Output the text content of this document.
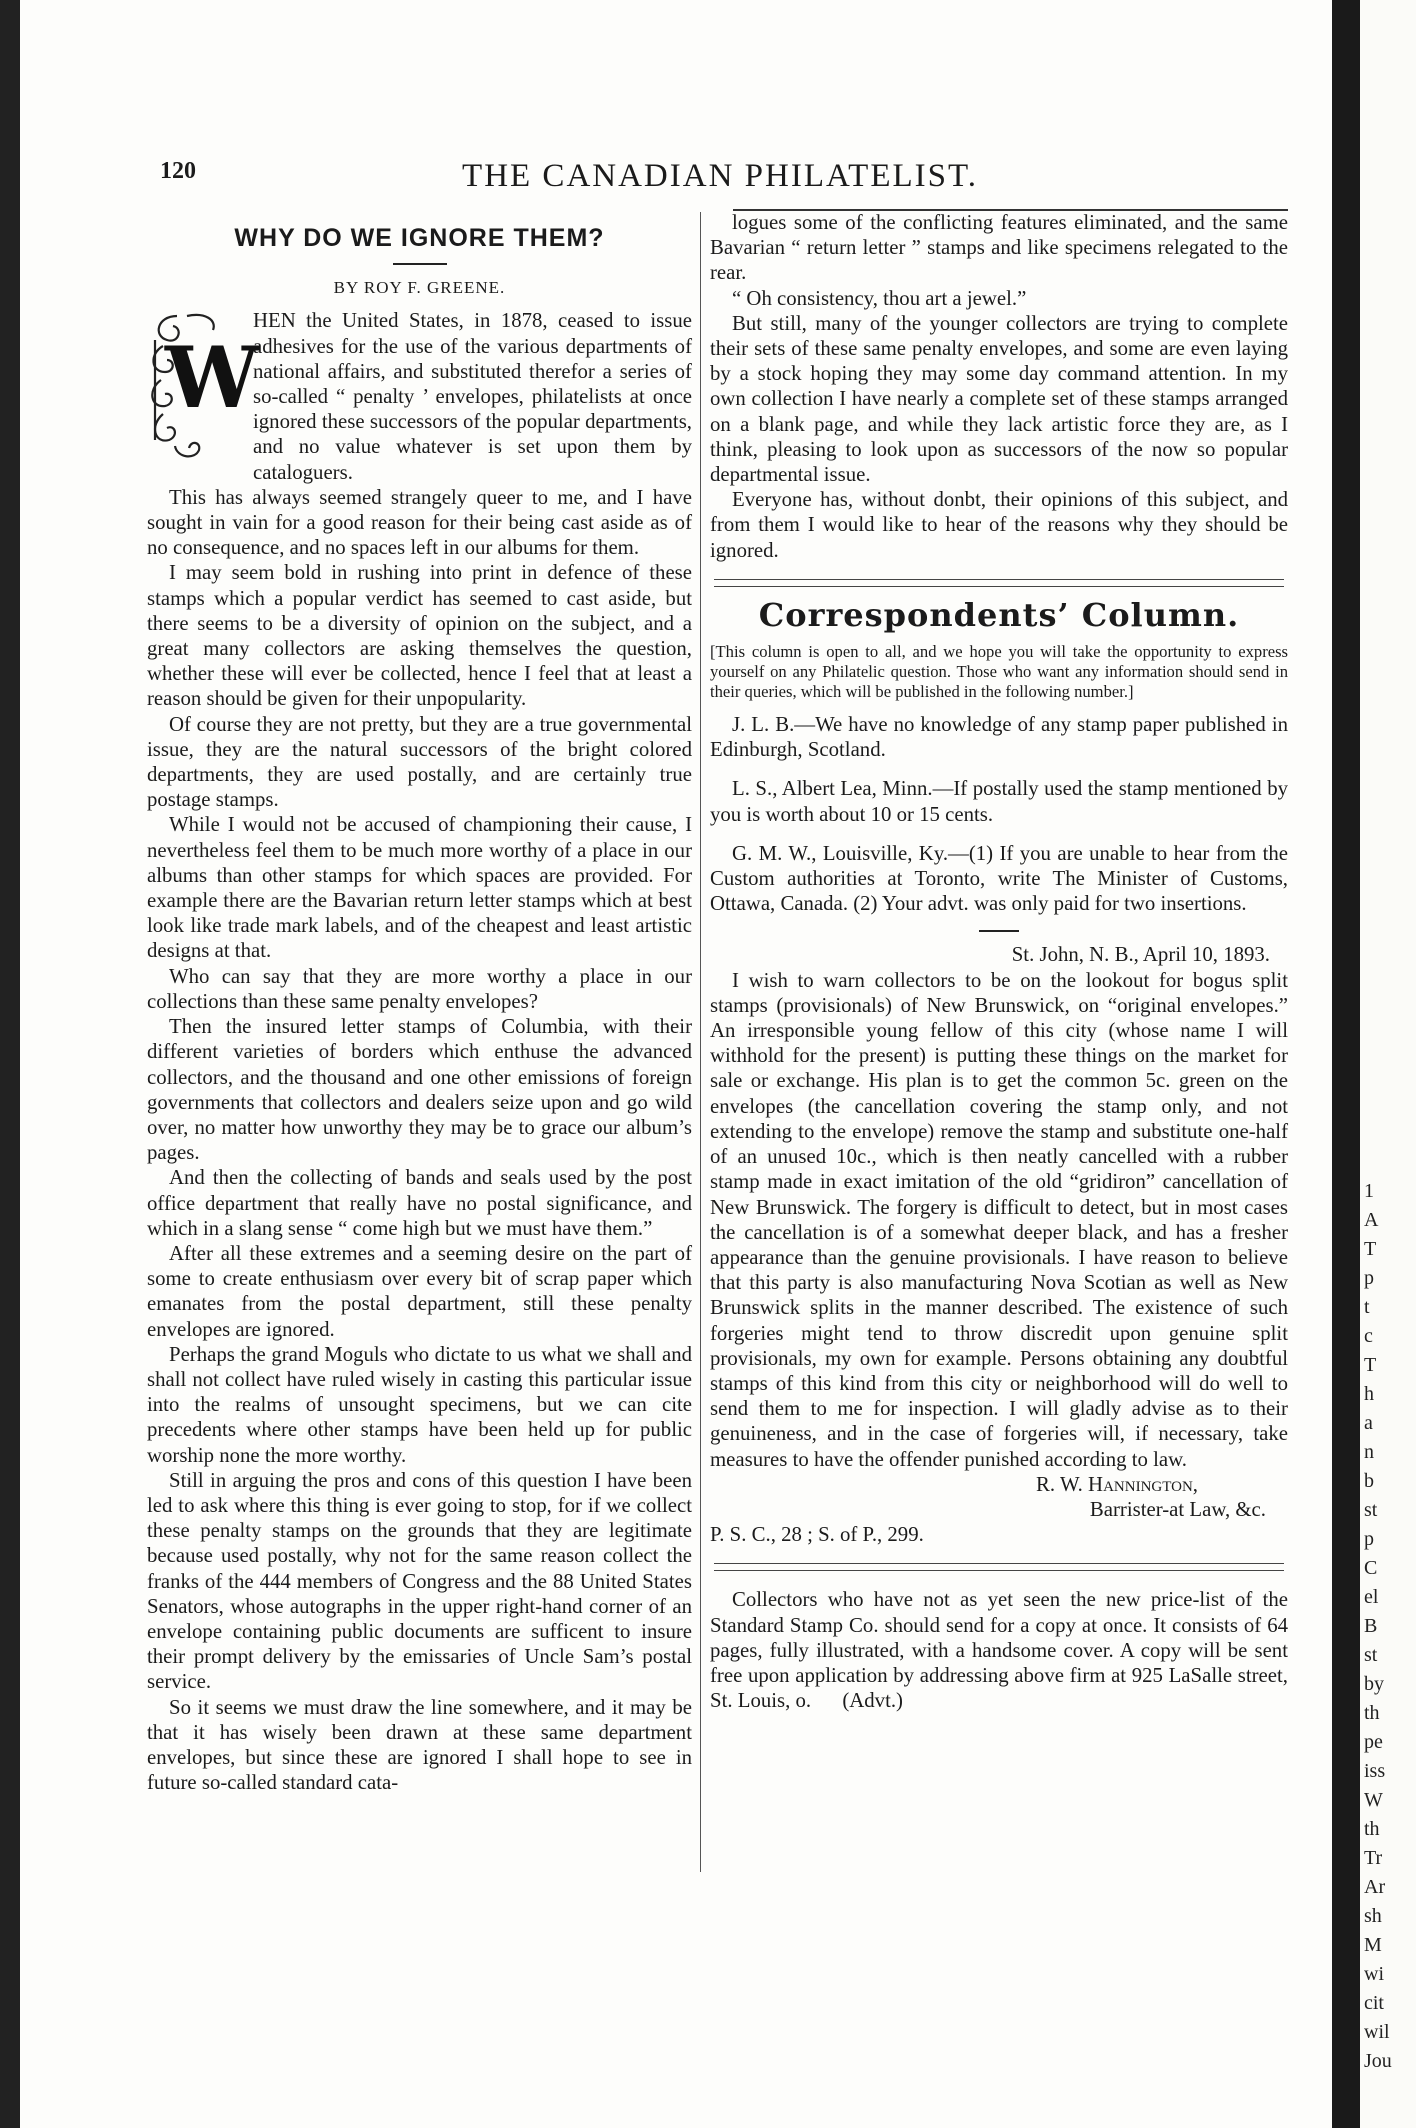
1
A
T
p
t
c
T
h
a
n
b
st
p
C
el
B
st
by
th
pe
iss
W
th
Tr
Ar
sh
M
wi
cit
wil
Jou
120	THE CANADIAN PHILATELIST.
WHY DO WE IGNORE THEM?
BY ROY F. GREENE.

W
HEN the United States, in 1878, ceased to issue adhesives for the use of the various departments of national affairs, and substituted therefor a series of so-called “ penalty ’ envelopes, philatelists at once ignored these successors of the popular departments, and no value whatever is set upon them by cataloguers.

This has always seemed strangely queer to me, and I have sought in vain for a good reason for their being cast aside as of no consequence, and no spaces left in our albums for them.

I may seem bold in rushing into print in defence of these stamps which a popular verdict has seemed to cast aside, but there seems to be a diversity of opinion on the subject, and a great many collectors are asking themselves the question, whether these will ever be collected, hence I feel that at least a reason should be given for their unpopularity.

Of course they are not pretty, but they are a true governmental issue, they are the natural successors of the bright colored departments, they are used postally, and are certainly true postage stamps.

While I would not be accused of championing their cause, I nevertheless feel them to be much more worthy of a place in our albums than other stamps for which spaces are provided. For example there are the Bavarian return letter stamps which at best look like trade mark labels, and of the cheapest and least artistic designs at that.

Who can say that they are more worthy a place in our collections than these same penalty envelopes?

Then the insured letter stamps of Columbia, with their different varieties of borders which enthuse the advanced collectors, and the thousand and one other emissions of foreign governments that collectors and dealers seize upon and go wild over, no matter how unworthy they may be to grace our album’s pages.

And then the collecting of bands and seals used by the post office department that really have no postal significance, and which in a slang sense “ come high but we must have them.”

After all these extremes and a seeming desire on the part of some to create enthusiasm over every bit of scrap paper which emanates from the postal department, still these penalty envelopes are ignored.

Perhaps the grand Moguls who dictate to us what we shall and shall not collect have ruled wisely in casting this particular issue into the realms of unsought specimens, but we can cite precedents where other stamps have been held up for public worship none the more worthy.

Still in arguing the pros and cons of this question I have been led to ask where this thing is ever going to stop, for if we collect these penalty stamps on the grounds that they are legitimate because used postally, why not for the same reason collect the franks of the 444 members of Congress and the 88 United States Senators, whose autographs in the upper right-hand corner of an envelope containing public documents are sufficent to insure their prompt delivery by the emissaries of Uncle Sam’s postal service.

So it seems we must draw the line somewhere, and it may be that it has wisely been drawn at these same department envelopes, but since these are ignored I shall hope to see in future so-called standard cata-

logues some of the conflicting features eliminated, and the same Bavarian “ return letter ” stamps and like specimens relegated to the rear.

“ Oh consistency, thou art a jewel.”

But still, many of the younger collectors are trying to complete their sets of these same penalty envelopes, and some are even laying by a stock hoping they may some day command attention. In my own collection I have nearly a complete set of these stamps arranged on a blank page, and while they lack artistic force they are, as I think, pleasing to look upon as successors of the now so popular departmental issue.

Everyone has, without donbt, their opinions of this subject, and from them I would like to hear of the reasons why they should be ignored.

Correspondents’ Column.

[This column is open to all, and we hope you will take the opportunity to express yourself on any Philatelic question. Those who want any information should send in their queries, which will be published in the following number.]

J. L. B.—We have no knowledge of any stamp paper published in Edinburgh, Scotland.

L. S., Albert Lea, Minn.—If postally used the stamp mentioned by you is worth about 10 or 15 cents.

G. M. W., Louisville, Ky.—(1) If you are unable to hear from the Custom authorities at Toronto, write The Minister of Customs, Ottawa, Canada. (2) Your advt. was only paid for two insertions.

St. John, N. B., April 10, 1893.

I wish to warn collectors to be on the lookout for bogus split stamps (provisionals) of New Brunswick, on “original envelopes.” An irresponsible young fellow of this city (whose name I will withhold for the present) is putting these things on the market for sale or exchange. His plan is to get the common 5c. green on the envelopes (the cancellation covering the stamp only, and not extending to the envelope) remove the stamp and substitute one-half of an unused 10c., which is then neatly cancelled with a rubber stamp made in exact imitation of the old “gridiron” cancellation of New Brunswick. The forgery is difficult to detect, but in most cases the cancellation is of a somewhat deeper black, and has a fresher appearance than the genuine provisionals. I have reason to believe that this party is also manufacturing Nova Scotian as well as New Brunswick splits in the manner described. The existence of such forgeries might tend to throw discredit upon genuine split provisionals, my own for example. Persons obtaining any doubtful stamps of this kind from this city or neighborhood will do well to send them to me for inspection. I will gladly advise as to their genuineness, and in the case of forgeries will, if necessary, take measures to have the offender punished according to law.

R. W. Hannington,

Barrister-at Law, &c.

P. S. C., 28 ; S. of P., 299.

Collectors who have not as yet seen the new price-list of the Standard Stamp Co. should send for a copy at once. It consists of 64 pages, fully illustrated, with a handsome cover. A copy will be sent free upon application by addressing above firm at 925 LaSalle street, St. Louis, o. (Advt.)
